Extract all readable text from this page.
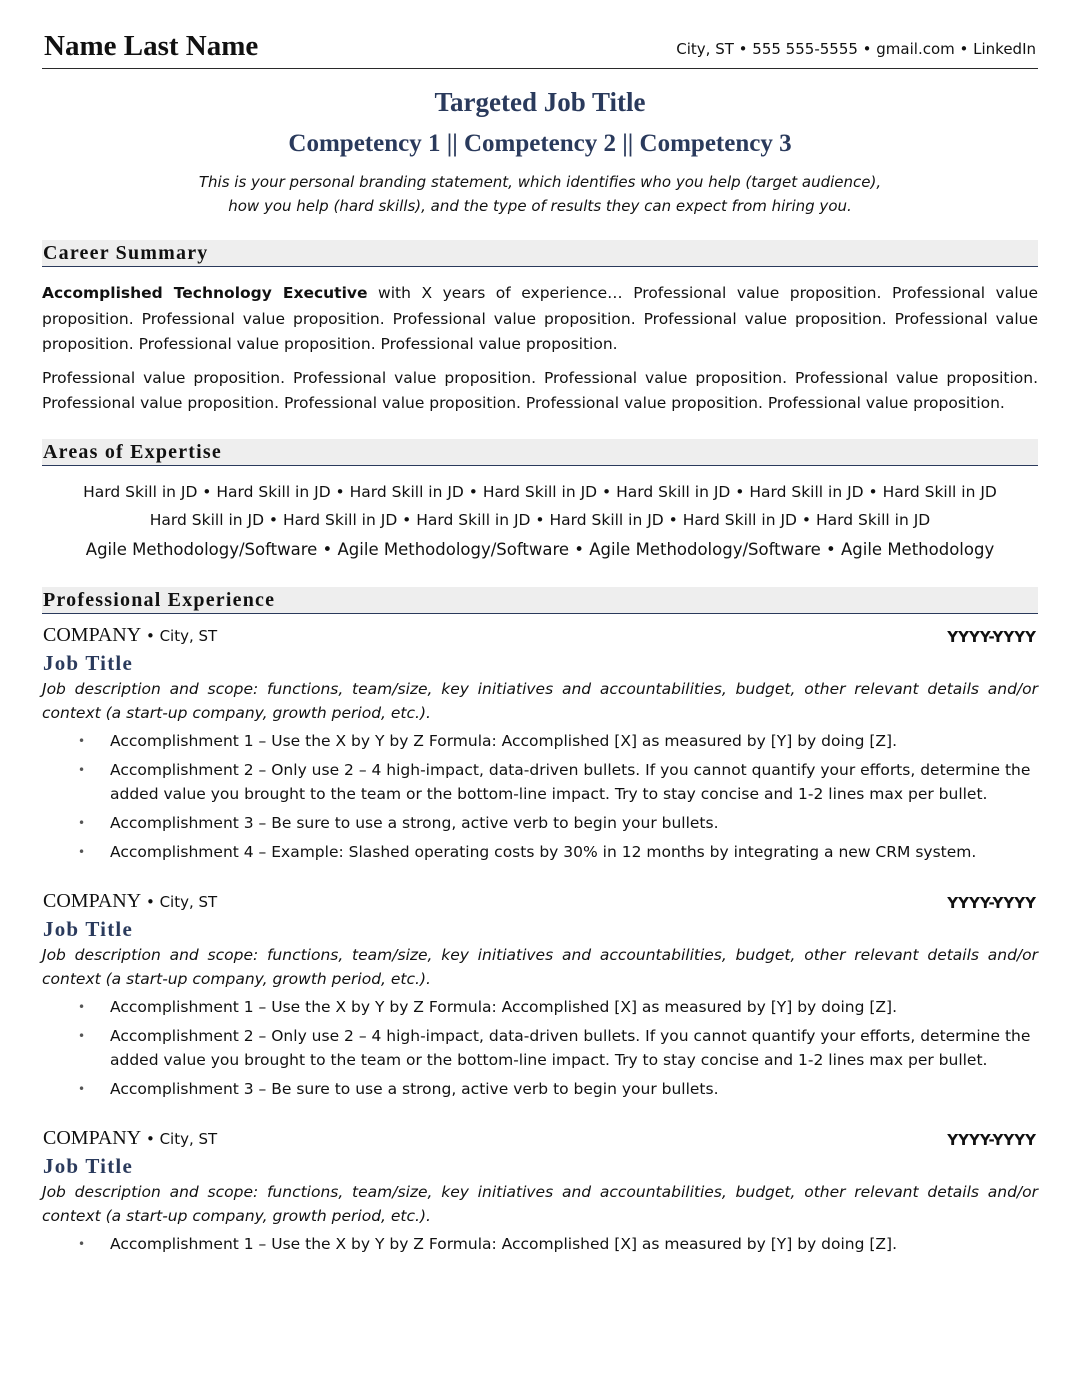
Name Last Name	City, ST • 555 555-5555 • gmail.com • LinkedIn
Targeted Job Title
Competency 1 || Competency 2 || Competency 3
This is your personal branding statement, which identifies who you help (target audience),
how you help (hard skills), and the type of results they can expect from hiring you.
Career Summary

Accomplished Technology Executive with X years of experience… Professional value proposition. Professional value proposition. Professional value proposition. Professional value proposition. Professional value proposition. Professional value proposition. Professional value proposition. Professional value proposition.

Professional value proposition. Professional value proposition. Professional value proposition. Professional value proposition. Professional value proposition. Professional value proposition. Professional value proposition. Professional value proposition.

Areas of Expertise
Hard Skill in JD • Hard Skill in JD • Hard Skill in JD • Hard Skill in JD • Hard Skill in JD • Hard Skill in JD • Hard Skill in JD
Hard Skill in JD • Hard Skill in JD • Hard Skill in JD • Hard Skill in JD • Hard Skill in JD • Hard Skill in JD
Agile Methodology/Software • Agile Methodology/Software • Agile Methodology/Software • Agile Methodology
Professional Experience
COMPANY • City, ST	YYYY-YYYY
Job Title
Job description and scope: functions, team/size, key initiatives and accountabilities, budget, other relevant details and/or context (a start-up company, growth period, etc.).
• Accomplishment 1 – Use the X by Y by Z Formula: Accomplished [X] as measured by [Y] by doing [Z].
• Accomplishment 2 – Only use 2 – 4 high-impact, data-driven bullets. If you cannot quantify your efforts, determine the added value you brought to the team or the bottom-line impact. Try to stay concise and 1-2 lines max per bullet.
• Accomplishment 3 – Be sure to use a strong, active verb to begin your bullets.
• Accomplishment 4 – Example: Slashed operating costs by 30% in 12 months by integrating a new CRM system.
COMPANY • City, ST	YYYY-YYYY
Job Title
Job description and scope: functions, team/size, key initiatives and accountabilities, budget, other relevant details and/or context (a start-up company, growth period, etc.).
• Accomplishment 1 – Use the X by Y by Z Formula: Accomplished [X] as measured by [Y] by doing [Z].
• Accomplishment 2 – Only use 2 – 4 high-impact, data-driven bullets. If you cannot quantify your efforts, determine the added value you brought to the team or the bottom-line impact. Try to stay concise and 1-2 lines max per bullet.
• Accomplishment 3 – Be sure to use a strong, active verb to begin your bullets.
COMPANY • City, ST	YYYY-YYYY
Job Title
Job description and scope: functions, team/size, key initiatives and accountabilities, budget, other relevant details and/or context (a start-up company, growth period, etc.).
• Accomplishment 1 – Use the X by Y by Z Formula: Accomplished [X] as measured by [Y] by doing [Z].
